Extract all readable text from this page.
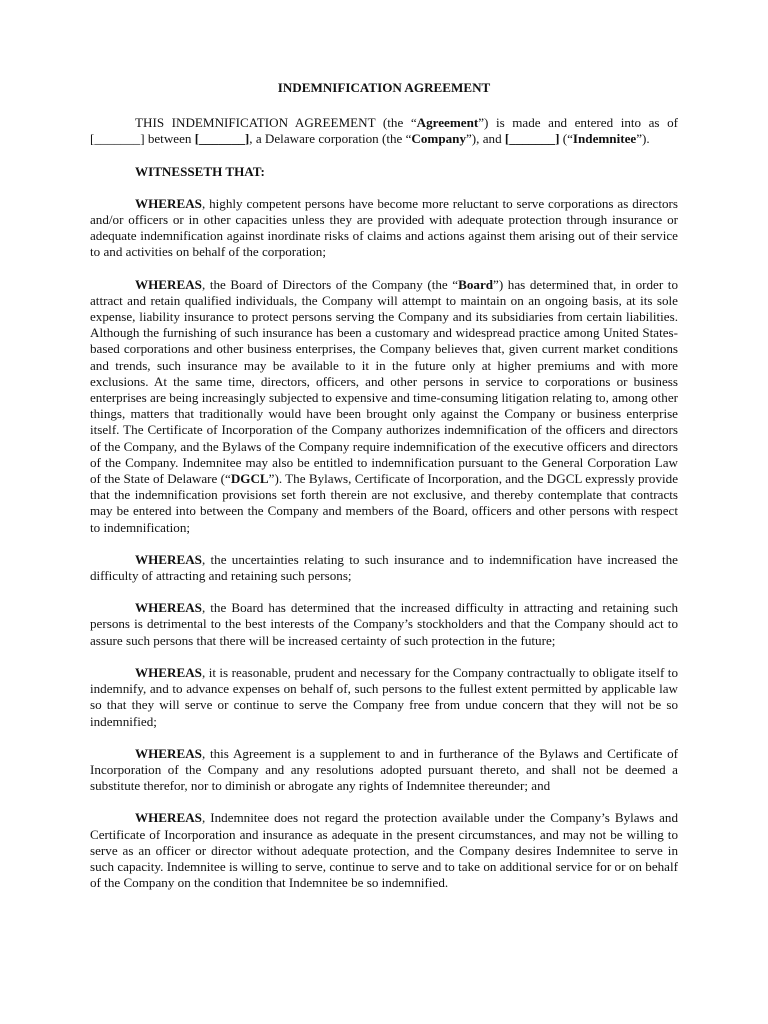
INDEMNIFICATION AGREEMENT

THIS INDEMNIFICATION AGREEMENT (the “Agreement”) is made and entered into as of [_______] between [_______], a Delaware corporation (the “Company”), and [_______] (“Indemnitee”).

WITNESSETH THAT:

WHEREAS, highly competent persons have become more reluctant to serve corporations as directors and/or officers or in other capacities unless they are provided with adequate protection through insurance or adequate indemnification against inordinate risks of claims and actions against them arising out of their service to and activities on behalf of the corporation;

WHEREAS, the Board of Directors of the Company (the “Board”) has determined that, in order to attract and retain qualified individuals, the Company will attempt to maintain on an ongoing basis, at its sole expense, liability insurance to protect persons serving the Company and its subsidiaries from certain liabilities. Although the furnishing of such insurance has been a customary and widespread practice among United States-based corporations and other business enterprises, the Company believes that, given current market conditions and trends, such insurance may be available to it in the future only at higher premiums and with more exclusions. At the same time, directors, officers, and other persons in service to corporations or business enterprises are being increasingly subjected to expensive and time-consuming litigation relating to, among other things, matters that traditionally would have been brought only against the Company or business enterprise itself. The Certificate of Incorporation of the Company authorizes indemnification of the officers and directors of the Company, and the Bylaws of the Company require indemnification of the executive officers and directors of the Company. Indemnitee may also be entitled to indemnification pursuant to the General Corporation Law of the State of Delaware (“DGCL”). The Bylaws, Certificate of Incorporation, and the DGCL expressly provide that the indemnification provisions set forth therein are not exclusive, and thereby contemplate that contracts may be entered into between the Company and members of the Board, officers and other persons with respect to indemnification;

WHEREAS, the uncertainties relating to such insurance and to indemnification have increased the difficulty of attracting and retaining such persons;

WHEREAS, the Board has determined that the increased difficulty in attracting and retaining such persons is detrimental to the best interests of the Company’s stockholders and that the Company should act to assure such persons that there will be increased certainty of such protection in the future;

WHEREAS, it is reasonable, prudent and necessary for the Company contractually to obligate itself to indemnify, and to advance expenses on behalf of, such persons to the fullest extent permitted by applicable law so that they will serve or continue to serve the Company free from undue concern that they will not be so indemnified;

WHEREAS, this Agreement is a supplement to and in furtherance of the Bylaws and Certificate of Incorporation of the Company and any resolutions adopted pursuant thereto, and shall not be deemed a substitute therefor, nor to diminish or abrogate any rights of Indemnitee thereunder; and

WHEREAS, Indemnitee does not regard the protection available under the Company’s Bylaws and Certificate of Incorporation and insurance as adequate in the present circumstances, and may not be willing to serve as an officer or director without adequate protection, and the Company desires Indemnitee to serve in such capacity. Indemnitee is willing to serve, continue to serve and to take on additional service for or on behalf of the Company on the condition that Indemnitee be so indemnified.
